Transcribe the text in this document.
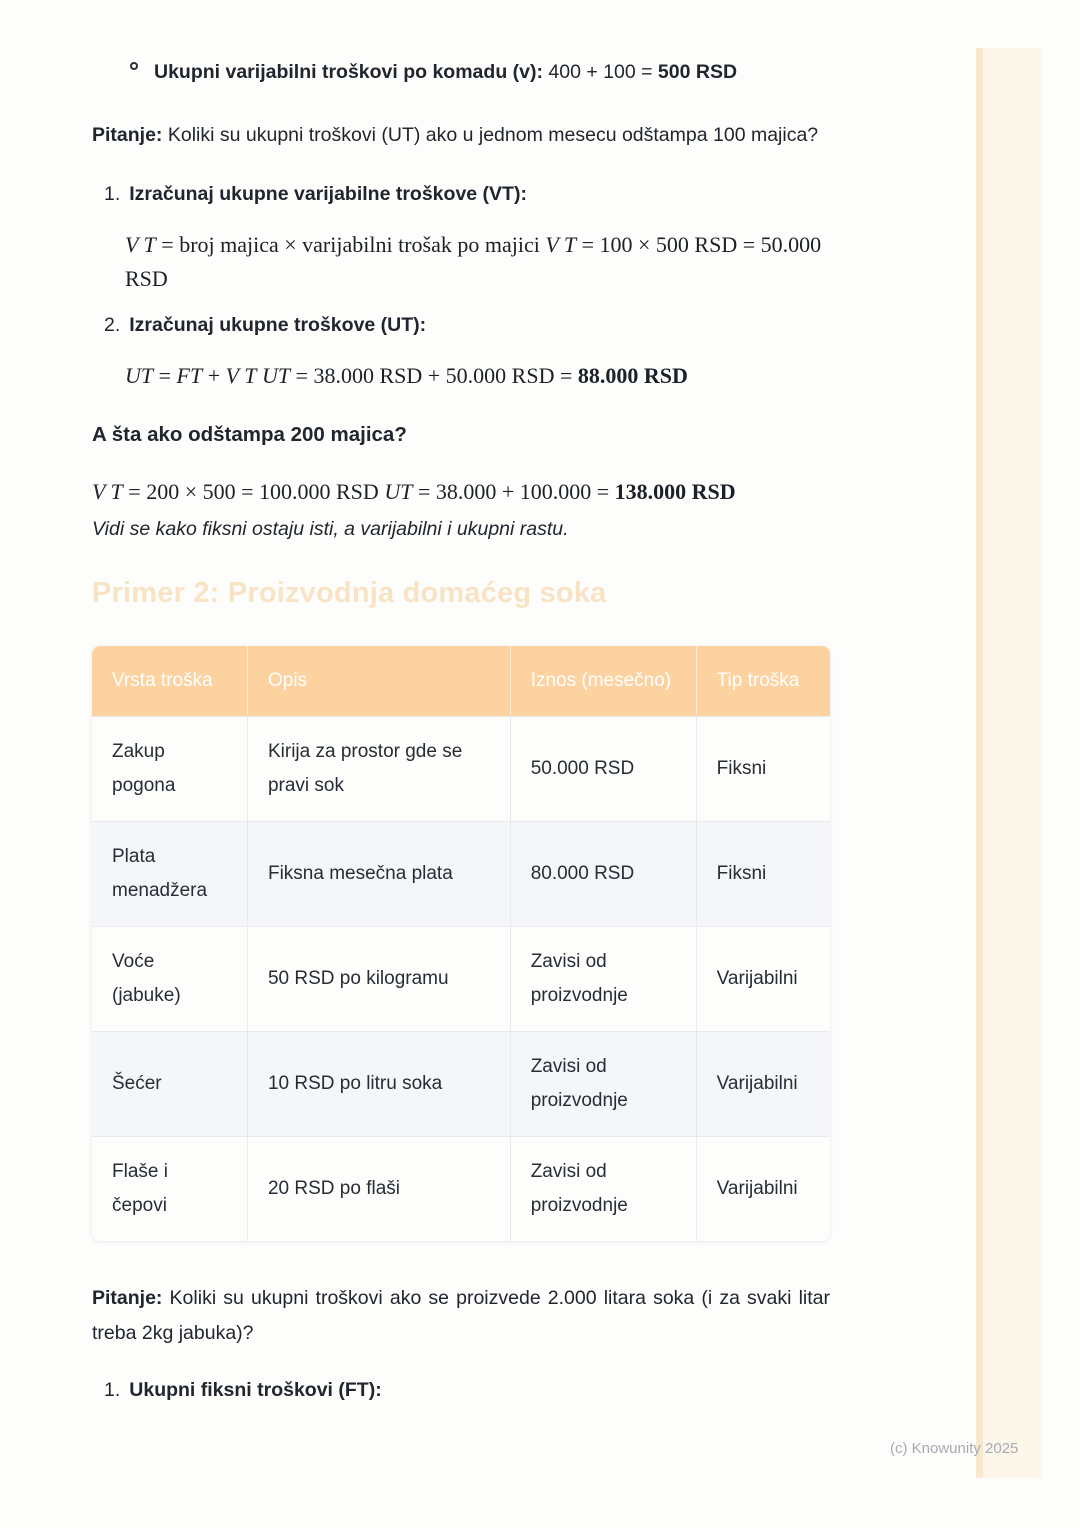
Ukupni varijabilni troškovi po komadu (v): 400 + 100 = 500 RSD

Pitanje: Koliki su ukupni troškovi (UT) ako u jednom mesecu odštampa 100 majica?

1. Izračunaj ukupne varijabilne troškove (VT):
V T = broj majica × varijabilni trošak po majici V T = 100 × 500 RSD = 50.000 RSD
2. Izračunaj ukupne troškove (UT):
UT = FT + V T UT = 38.000 RSD + 50.000 RSD = 88.000 RSD
A šta ako odštampa 200 majica?
V T = 200 × 500 = 100.000 RSD UT = 38.000 + 100.000 = 138.000 RSD

Vidi se kako fiksni ostaju isti, a varijabilni i ukupni rastu.

Primer 2: Proizvodnja domaćeg soka
Vrsta troška	Opis	Iznos (mesečno)	Tip troška
Zakup pogona	Kirija za prostor gde se pravi sok	50.000 RSD	Fiksni
Plata menadžera	Fiksna mesečna plata	80.000 RSD	Fiksni
Voće (jabuke)	50 RSD po kilogramu	Zavisi od proizvodnje	Varijabilni
Šećer	10 RSD po litru soka	Zavisi od proizvodnje	Varijabilni
Flaše i čepovi	20 RSD po flaši	Zavisi od proizvodnje	Varijabilni

Pitanje: Koliki su ukupni troškovi ako se proizvede 2.000 litara soka (i za svaki litar treba 2kg jabuka)?

1. Ukupni fiksni troškovi (FT):
(c) Knowunity 2025
